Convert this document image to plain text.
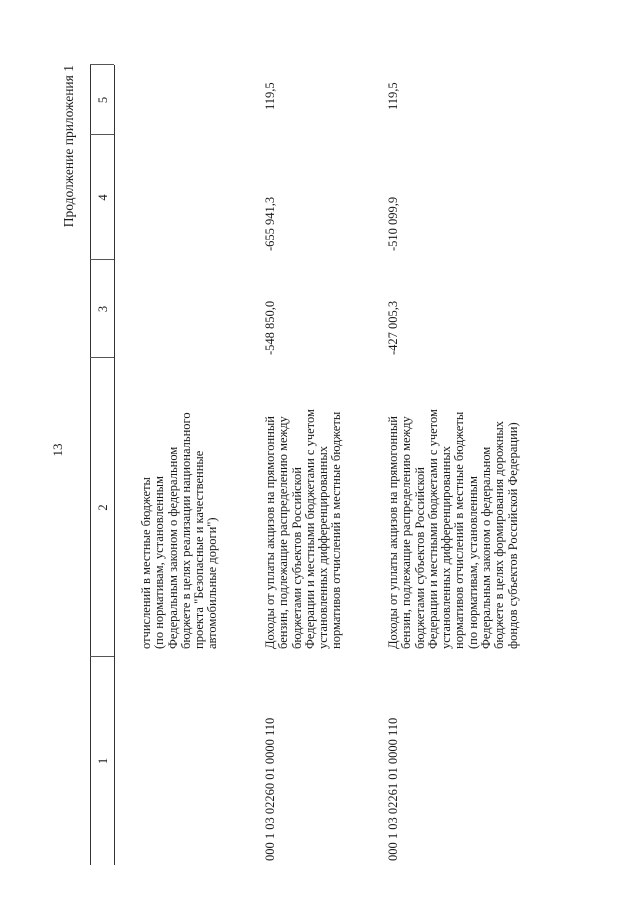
13
Продолжение приложения 1
1
2
3
4
5
отчислений в местные бюджеты (по нормативам, установленным Федеральным законом о федеральном бюджете в целях реализации национального проекта "Безопасные и качественные автомобильные дороги")
000 1 03 02260 01 0000 110
Доходы от уплаты акцизов на прямогонный бензин, подлежащие распределению между бюджетами субъектов Российской Федерации и местными бюджетами с учетом установленных дифференцированных нормативов отчислений в местные бюджеты
-548 850,0
-655 941,3
119,5
000 1 03 02261 01 0000 110
Доходы от уплаты акцизов на прямогонный бензин, подлежащие распределению между бюджетами субъектов Российской Федерации и местными бюджетами с учетом установленных дифференцированных нормативов отчислений в местные бюджеты (по нормативам, установленным Федеральным законом о федеральном бюджете в целях формирования дорожных фондов субъектов Российской Федерации)
-427 005,3
-510 099,9
119,5
